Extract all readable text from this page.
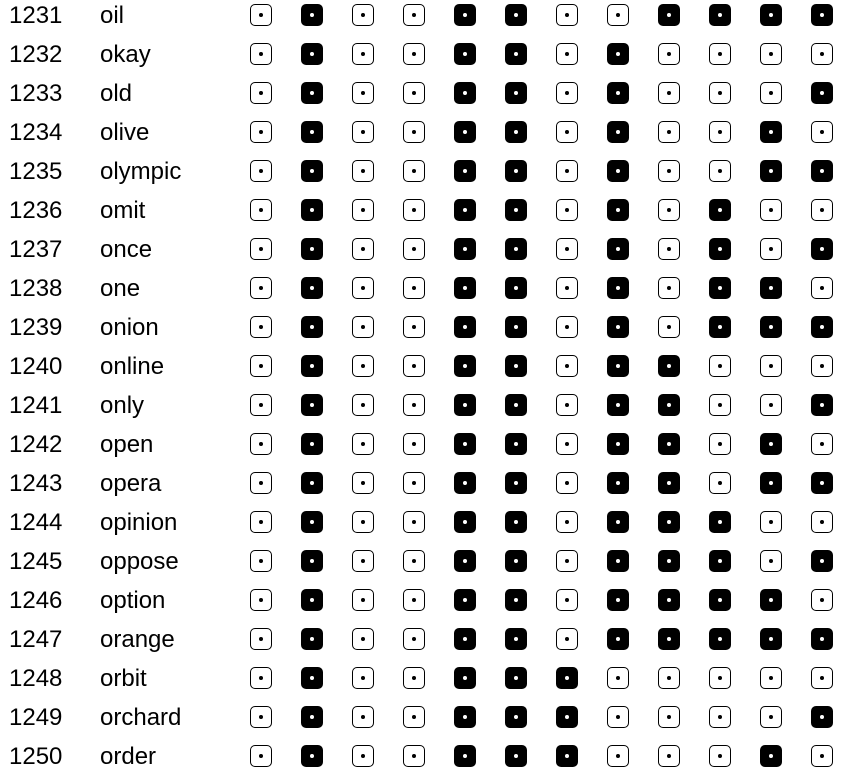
1231 oil
1232 okay
1233 old
1234 olive
1235 olympic
1236 omit
1237 once
1238 one
1239 onion
1240 online
1241 only
1242 open
1243 opera
1244 opinion
1245 oppose
1246 option
1247 orange
1248 orbit
1249 orchard
1250 order
